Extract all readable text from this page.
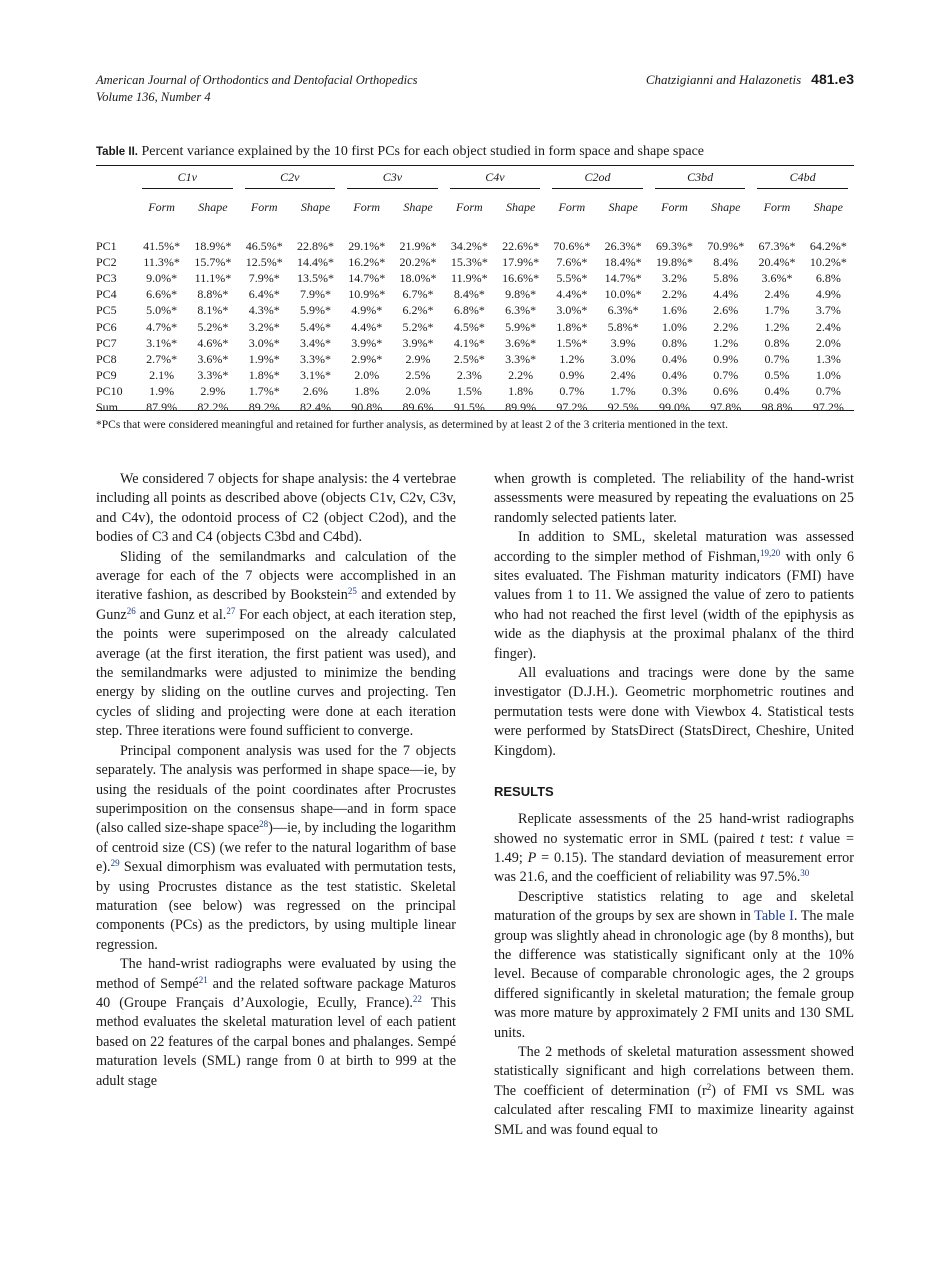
American Journal of Orthodontics and Dentofacial Orthopedics
Volume 136, Number 4
Chatzigianni and Halazonetis 481.e3
Table II. Percent variance explained by the 10 first PCs for each object studied in form space and shape space

	C1v		C2v		C3v		C4v		C2od		C3bd		C4bd	

	Form	Shape	Form	Shape	Form	Shape	Form	Shape	Form	Shape	Form	Shape	Form	Shape
PC1	41.5%*	18.9%*	46.5%*	22.8%*	29.1%*	21.9%*	34.2%*	22.6%*	70.6%*	26.3%*	69.3%*	70.9%*	67.3%*	64.2%*
PC2	11.3%*	15.7%*	12.5%*	14.4%*	16.2%*	20.2%*	15.3%*	17.9%*	7.6%*	18.4%*	19.8%*	8.4%	20.4%*	10.2%*
PC3	9.0%*	11.1%*	7.9%*	13.5%*	14.7%*	18.0%*	11.9%*	16.6%*	5.5%*	14.7%*	3.2%	5.8%	3.6%*	6.8%
PC4	6.6%*	8.8%*	6.4%*	7.9%*	10.9%*	6.7%*	8.4%*	9.8%*	4.4%*	10.0%*	2.2%	4.4%	2.4%	4.9%
PC5	5.0%*	8.1%*	4.3%*	5.9%*	4.9%*	6.2%*	6.8%*	6.3%*	3.0%*	6.3%*	1.6%	2.6%	1.7%	3.7%
PC6	4.7%*	5.2%*	3.2%*	5.4%*	4.4%*	5.2%*	4.5%*	5.9%*	1.8%*	5.8%*	1.0%	2.2%	1.2%	2.4%
PC7	3.1%*	4.6%*	3.0%*	3.4%*	3.9%*	3.9%*	4.1%*	3.6%*	1.5%*	3.9%	0.8%	1.2%	0.8%	2.0%
PC8	2.7%*	3.6%*	1.9%*	3.3%*	2.9%*	2.9%	2.5%*	3.3%*	1.2%	3.0%	0.4%	0.9%	0.7%	1.3%
PC9	2.1%	3.3%*	1.8%*	3.1%*	2.0%	2.5%	2.3%	2.2%	0.9%	2.4%	0.4%	0.7%	0.5%	1.0%
PC10	1.9%	2.9%	1.7%*	2.6%	1.8%	2.0%	1.5%	1.8%	0.7%	1.7%	0.3%	0.6%	0.4%	0.7%
Sum	87.9%	82.2%	89.2%	82.4%	90.8%	89.6%	91.5%	89.9%	97.2%	92.5%	99.0%	97.8%	98.8%	97.2%
*PCs that were considered meaningful and retained for further analysis, as determined by at least 2 of the 3 criteria mentioned in the text.

We considered 7 objects for shape analysis: the 4 vertebrae including all points as described above (objects C1v, C2v, C3v, and C4v), the odontoid process of C2 (object C2od), and the bodies of C3 and C4 (objects C3bd and C4bd).

Sliding of the semilandmarks and calculation of the average for each of the 7 objects were accomplished in an iterative fashion, as described by Bookstein$^{25}$ and extended by Gunz$^{26}$ and Gunz et al.$^{27}$ For each object, at each iteration step, the points were superimposed on the already calculated average (at the first iteration, the first patient was used), and the semilandmarks were adjusted to minimize the bending energy by sliding on the outline curves and projecting. Ten cycles of sliding and projecting were done at each iteration step. Three iterations were found sufficient to converge.

Principal component analysis was used for the 7 objects separately. The analysis was performed in shape space—ie, by using the residuals of the point coordinates after Procrustes superimposition on the consensus shape—and in form space (also called size-shape space$^{28}$)—ie, by including the logarithm of centroid size (CS) (we refer to the natural logarithm of base e).$^{29}$ Sexual dimorphism was evaluated with permutation tests, by using Procrustes distance as the test statistic. Skeletal maturation (see below) was regressed on the principal components (PCs) as the predictors, by using multiple linear regression.

The hand-wrist radiographs were evaluated by using the method of Sempé$^{21}$ and the related software package Maturos 40 (Groupe Français d’Auxologie, Ecully, France).$^{22}$ This method evaluates the skeletal maturation level of each patient based on 22 features of the carpal bones and phalanges. Sempé maturation levels (SML) range from 0 at birth to 999 at the adult stage

when growth is completed. The reliability of the hand-wrist assessments were measured by repeating the evaluations on 25 randomly selected patients later.

In addition to SML, skeletal maturation was assessed according to the simpler method of Fishman,$^{19,20}$ with only 6 sites evaluated. The Fishman maturity indicators (FMI) have values from 1 to 11. We assigned the value of zero to patients who had not reached the first level (width of the epiphysis as wide as the diaphysis at the proximal phalanx of the third finger).

All evaluations and tracings were done by the same investigator (D.J.H.). Geometric morphometric routines and permutation tests were done with Viewbox 4. Statistical tests were performed by StatsDirect (StatsDirect, Cheshire, United Kingdom).

RESULTS

Replicate assessments of the 25 hand-wrist radiographs showed no systematic error in SML (paired t test: t value = 1.49; P = 0.15). The standard deviation of measurement error was 21.6, and the coefficient of reliability was 97.5%.$^{30}$

Descriptive statistics relating to age and skeletal maturation of the groups by sex are shown in Table I. The male group was slightly ahead in chronologic age (by 8 months), but the difference was statistically significant only at the 10% level. Because of comparable chronologic ages, the 2 groups differed significantly in skeletal maturation; the female group was more mature by approximately 2 FMI units and 130 SML units.

The 2 methods of skeletal maturation assessment showed statistically significant and high correlations between them. The coefficient of determination $(r^2)$ of FMI vs SML was calculated after rescaling FMI to maximize linearity against SML and was found equal to
